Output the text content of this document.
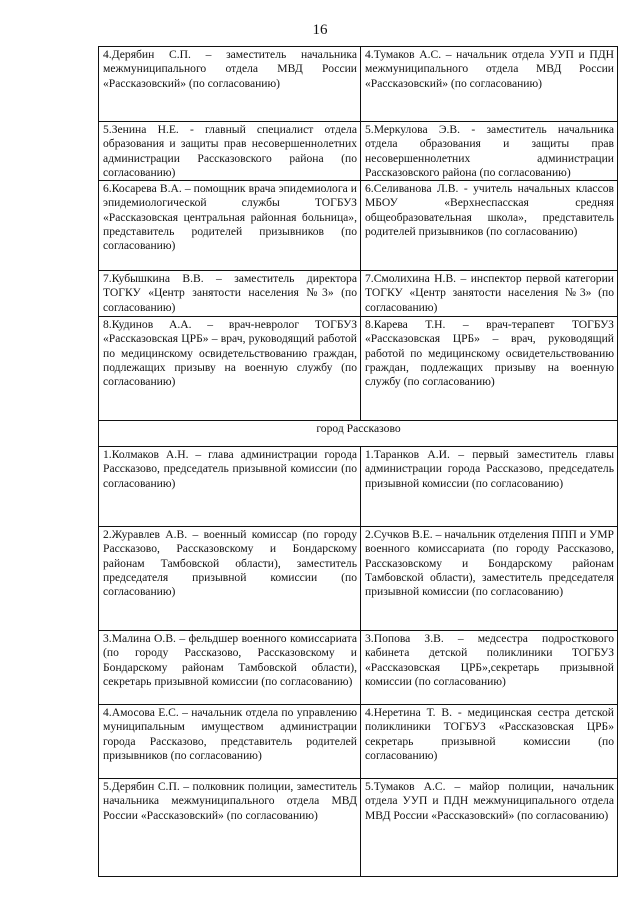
16
4.Дерябин С.П. – заместитель начальника межмуниципального отдела МВД России «Рассказовский» (по согласованию)	4.Тумаков А.С. – начальник отдела УУП и ПДН межмуниципального отдела МВД России «Рассказовский» (по согласованию)
5.Зенина Н.Е. - главный специалист отдела образования и защиты прав несовершеннолетних администрации Рассказовского района (по согласованию)	5.Меркулова Э.В. - заместитель начальника отдела образования и защиты прав несовершеннолетних администрации Рассказовского района (по согласованию)
6.Косарева В.А. – помощник врача эпидемиолога и эпидемиологической службы ТОГБУЗ «Рассказовская центральная районная больница», представитель родителей призывников (по согласованию)	6.Селиванова Л.В. - учитель начальных классов МБОУ «Верхнеспасская средняя общеобразовательная школа», представитель родителей призывников (по согласованию)
7.Кубышкина В.В. – заместитель директора ТОГКУ «Центр занятости населения №3» (по согласованию)	7.Смолихина Н.В. – инспектор первой категории ТОГКУ «Центр занятости населения №3» (по согласованию)
8.Кудинов А.А. – врач-невролог ТОГБУЗ «Рассказовская ЦРБ» – врач, руководящий работой по медицинскому освидетельствованию граждан, подлежащих призыву на военную службу (по согласованию)	8.Карева Т.Н. – врач-терапевт ТОГБУЗ «Рассказовская ЦРБ» – врач, руководящий работой по медицинскому освидетельствованию граждан, подлежащих призыву на военную службу (по согласованию)
город Рассказово	
1.Колмаков А.Н. – глава администрации города Рассказово, председатель призывной комиссии (по согласованию)	1.Таранков А.И. – первый заместитель главы администрации города Рассказово, председатель призывной комиссии (по согласованию)
2.Журавлев А.В. – военный комиссар (по городу Рассказово, Рассказовскому и Бондарскому районам Тамбовской области), заместитель председателя призывной комиссии (по согласованию)	2.Сучков В.Е. – начальник отделения ППП и УМР военного комиссариата (по городу Рассказово, Рассказовскому и Бондарскому районам Тамбовской области), заместитель председателя призывной комиссии (по согласованию)
3.Малина О.В. – фельдшер военного комиссариата (по городу Рассказово, Рассказовскому и Бондарскому районам Тамбовской области), секретарь призывной комиссии (по согласованию)	3.Попова З.В. – медсестра подросткового кабинета детской поликлиники ТОГБУЗ «Рассказовская ЦРБ»,секретарь призывной комиссии (по согласованию)
4.Амосова Е.С. – начальник отдела по управлению муниципальным имуществом администрации города Рассказово, представитель родителей призывников (по согласованию)	4.Неретина Т. В. - медицинская сестра детской поликлиники ТОГБУЗ «Рассказовская ЦРБ» секретарь призывной комиссии (по согласованию)
5.Дерябин С.П. – полковник полиции, заместитель начальника межмуниципального отдела МВД России «Рассказовский» (по согласованию)	5.Тумаков А.С. – майор полиции, начальник отдела УУП и ПДН межмуниципального отдела МВД России «Рассказовский» (по согласованию)
